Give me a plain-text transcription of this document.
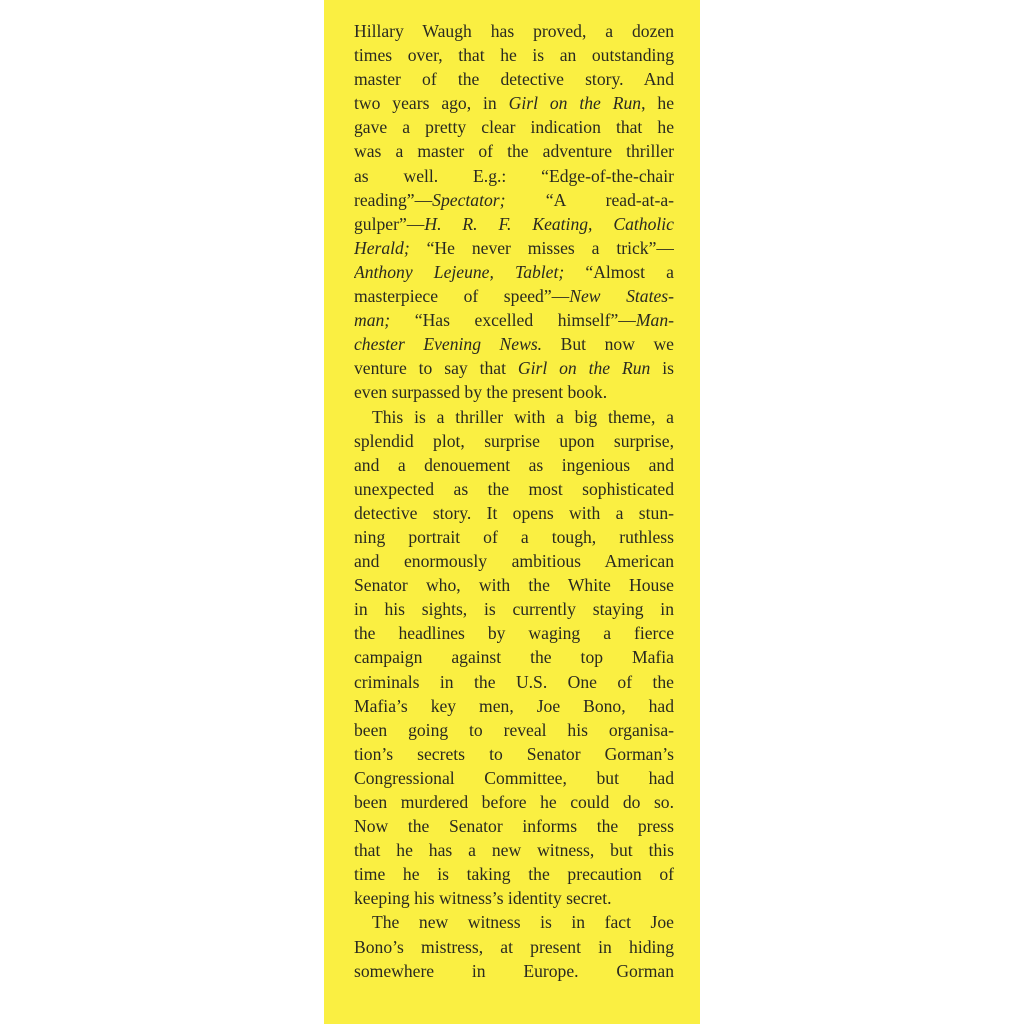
Hillary Waugh has proved, a dozen
times over, that he is an outstanding
master of the detective story. And
two years ago, in Girl on the Run, he
gave a pretty clear indication that he
was a master of the adventure thriller
as well. E.g.: “Edge-of-the-chair
reading”—Spectator; “A read-at-a-
gulper”—H. R. F. Keating, Catholic
Herald; “He never misses a trick”—
Anthony Lejeune, Tablet; “Almost a
masterpiece of speed”—New States-
man; “Has excelled himself”—Man-
chester Evening News. But now we
venture to say that Girl on the Run is
even surpassed by the present book.
This is a thriller with a big theme, a
splendid plot, surprise upon surprise,
and a denouement as ingenious and
unexpected as the most sophisticated
detective story. It opens with a stun-
ning portrait of a tough, ruthless
and enormously ambitious American
Senator who, with the White House
in his sights, is currently staying in
the headlines by waging a fierce
campaign against the top Mafia
criminals in the U.S. One of the
Mafia’s key men, Joe Bono, had
been going to reveal his organisa-
tion’s secrets to Senator Gorman’s
Congressional Committee, but had
been murdered before he could do so.
Now the Senator informs the press
that he has a new witness, but this
time he is taking the precaution of
keeping his witness’s identity secret.
The new witness is in fact Joe
Bono’s mistress, at present in hiding
somewhere in Europe. Gorman
